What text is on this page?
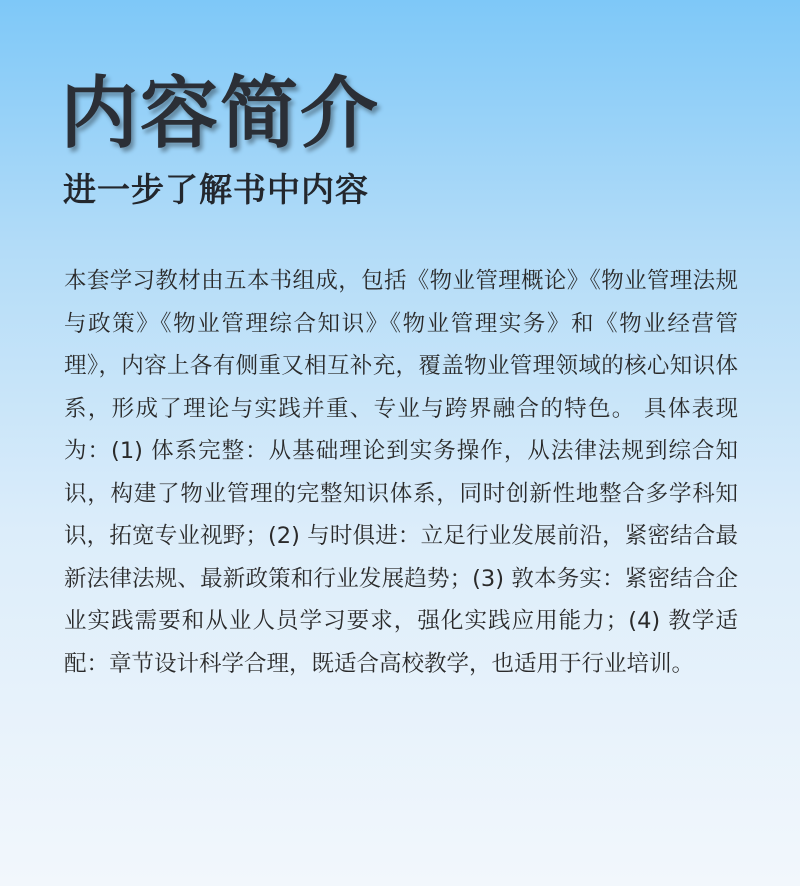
内容简介
进一步了解书中内容

本套学习教材由五本书组成，包括《物业管理概论》《物业管理法规与政策》《物业管理综合知识》《物业管理实务》和《物业经营管理》，内容上各有侧重又相互补充，覆盖物业管理领域的核心知识体系，形成了理论与实践并重、专业与跨界融合的特色。 具体表现为：(1) 体系完整：从基础理论到实务操作，从法律法规到综合知识，构建了物业管理的完整知识体系，同时创新性地整合多学科知识，拓宽专业视野；(2) 与时俱进：立足行业发展前沿，紧密结合最新法律法规、最新政策和行业发展趋势；(3) 敦本务实：紧密结合企业实践需要和从业人员学习要求，强化实践应用能力；(4) 教学适配：章节设计科学合理，既适合高校教学，也适用于行业培训。
